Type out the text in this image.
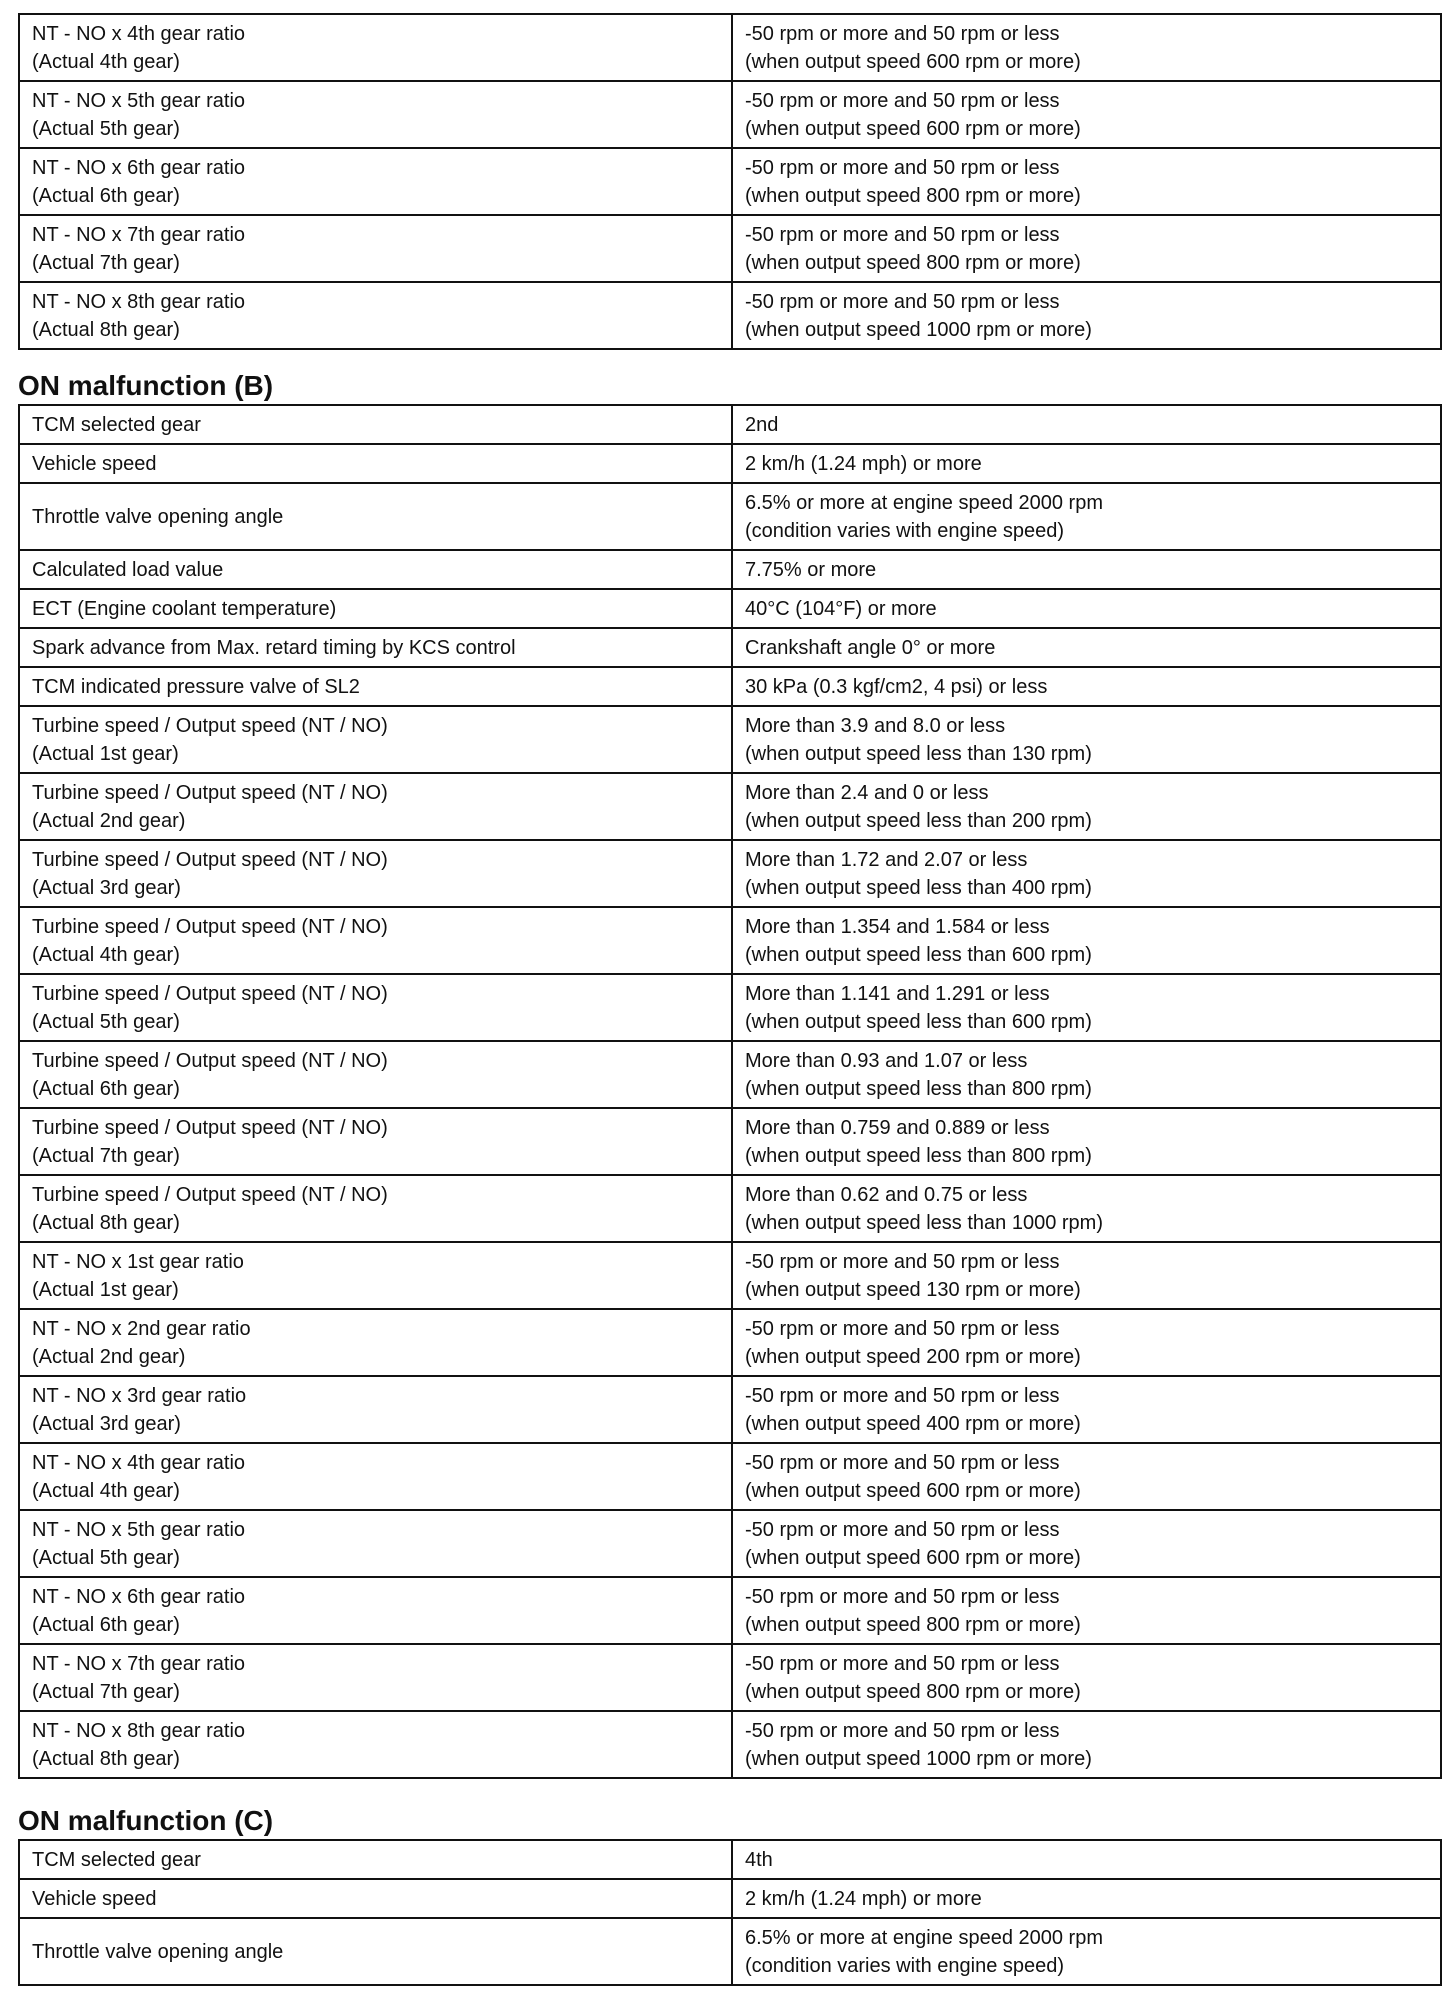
NT - NO x 4th gear ratio
(Actual 4th gear)	-50 rpm or more and 50 rpm or less
(when output speed 600 rpm or more)

NT - NO x 5th gear ratio
(Actual 5th gear)	-50 rpm or more and 50 rpm or less
(when output speed 600 rpm or more)

NT - NO x 6th gear ratio
(Actual 6th gear)	-50 rpm or more and 50 rpm or less
(when output speed 800 rpm or more)

NT - NO x 7th gear ratio
(Actual 7th gear)	-50 rpm or more and 50 rpm or less
(when output speed 800 rpm or more)

NT - NO x 8th gear ratio
(Actual 8th gear)	-50 rpm or more and 50 rpm or less
(when output speed 1000 rpm or more)
ON malfunction (B)
TCM selected gear	2nd

Vehicle speed	2 km/h (1.24 mph) or more

Throttle valve opening angle	6.5% or more at engine speed 2000 rpm
(condition varies with engine speed)

Calculated load value	7.75% or more

ECT (Engine coolant temperature)	40°C (104°F) or more

Spark advance from Max. retard timing by KCS control	Crankshaft angle 0° or more

TCM indicated pressure valve of SL2	30 kPa (0.3 kgf/cm2, 4 psi) or less

Turbine speed / Output speed (NT / NO)
(Actual 1st gear)	More than 3.9 and 8.0 or less
(when output speed less than 130 rpm)

Turbine speed / Output speed (NT / NO)
(Actual 2nd gear)	More than 2.4 and 0 or less
(when output speed less than 200 rpm)

Turbine speed / Output speed (NT / NO)
(Actual 3rd gear)	More than 1.72 and 2.07 or less
(when output speed less than 400 rpm)

Turbine speed / Output speed (NT / NO)
(Actual 4th gear)	More than 1.354 and 1.584 or less
(when output speed less than 600 rpm)

Turbine speed / Output speed (NT / NO)
(Actual 5th gear)	More than 1.141 and 1.291 or less
(when output speed less than 600 rpm)

Turbine speed / Output speed (NT / NO)
(Actual 6th gear)	More than 0.93 and 1.07 or less
(when output speed less than 800 rpm)

Turbine speed / Output speed (NT / NO)
(Actual 7th gear)	More than 0.759 and 0.889 or less
(when output speed less than 800 rpm)

Turbine speed / Output speed (NT / NO)
(Actual 8th gear)	More than 0.62 and 0.75 or less
(when output speed less than 1000 rpm)

NT - NO x 1st gear ratio
(Actual 1st gear)	-50 rpm or more and 50 rpm or less
(when output speed 130 rpm or more)

NT - NO x 2nd gear ratio
(Actual 2nd gear)	-50 rpm or more and 50 rpm or less
(when output speed 200 rpm or more)

NT - NO x 3rd gear ratio
(Actual 3rd gear)	-50 rpm or more and 50 rpm or less
(when output speed 400 rpm or more)

NT - NO x 4th gear ratio
(Actual 4th gear)	-50 rpm or more and 50 rpm or less
(when output speed 600 rpm or more)

NT - NO x 5th gear ratio
(Actual 5th gear)	-50 rpm or more and 50 rpm or less
(when output speed 600 rpm or more)

NT - NO x 6th gear ratio
(Actual 6th gear)	-50 rpm or more and 50 rpm or less
(when output speed 800 rpm or more)

NT - NO x 7th gear ratio
(Actual 7th gear)	-50 rpm or more and 50 rpm or less
(when output speed 800 rpm or more)

NT - NO x 8th gear ratio
(Actual 8th gear)	-50 rpm or more and 50 rpm or less
(when output speed 1000 rpm or more)
ON malfunction (C)
TCM selected gear	4th

Vehicle speed	2 km/h (1.24 mph) or more

Throttle valve opening angle	6.5% or more at engine speed 2000 rpm
(condition varies with engine speed)
